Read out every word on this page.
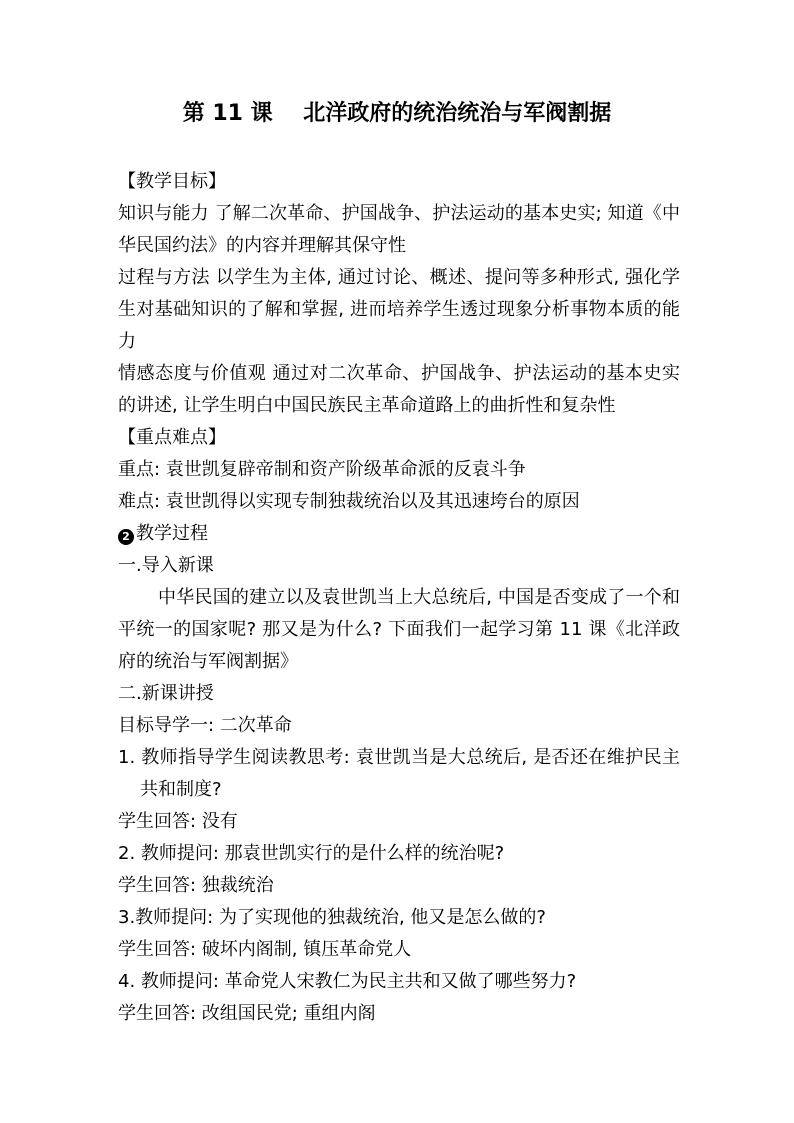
第 11 课    北洋政府的统治统治与军阀割据
【教学目标】
知识与能力 了解二次革命、护国战争、护法运动的基本史实; 知道《中华民国约法》的内容并理解其保守性
过程与方法 以学生为主体, 通过讨论、概述、提问等多种形式, 强化学生对基础知识的了解和掌握, 进而培养学生透过现象分析事物本质的能力
情感态度与价值观 通过对二次革命、护国战争、护法运动的基本史实的讲述, 让学生明白中国民族民主革命道路上的曲折性和复杂性
【重点难点】
重点: 袁世凯复辟帝制和资产阶级革命派的反袁斗争
难点: 袁世凯得以实现专制独裁统治以及其迅速垮台的原因
2 教学过程
一.导入新课
中华民国的建立以及袁世凯当上大总统后, 中国是否变成了一个和平统一的国家呢? 那又是为什么? 下面我们一起学习第 11 课《北洋政府的统治与军阀割据》
二.新课讲授
目标导学一: 二次革命
1. 教师指导学生阅读教思考: 袁世凯当是大总统后, 是否还在维护民主共和制度?
学生回答: 没有
2. 教师提问: 那袁世凯实行的是什么样的统治呢?
学生回答: 独裁统治
3.教师提问: 为了实现他的独裁统治, 他又是怎么做的?
学生回答: 破坏内阁制, 镇压革命党人
4. 教师提问: 革命党人宋教仁为民主共和又做了哪些努力?
学生回答: 改组国民党; 重组内阁
